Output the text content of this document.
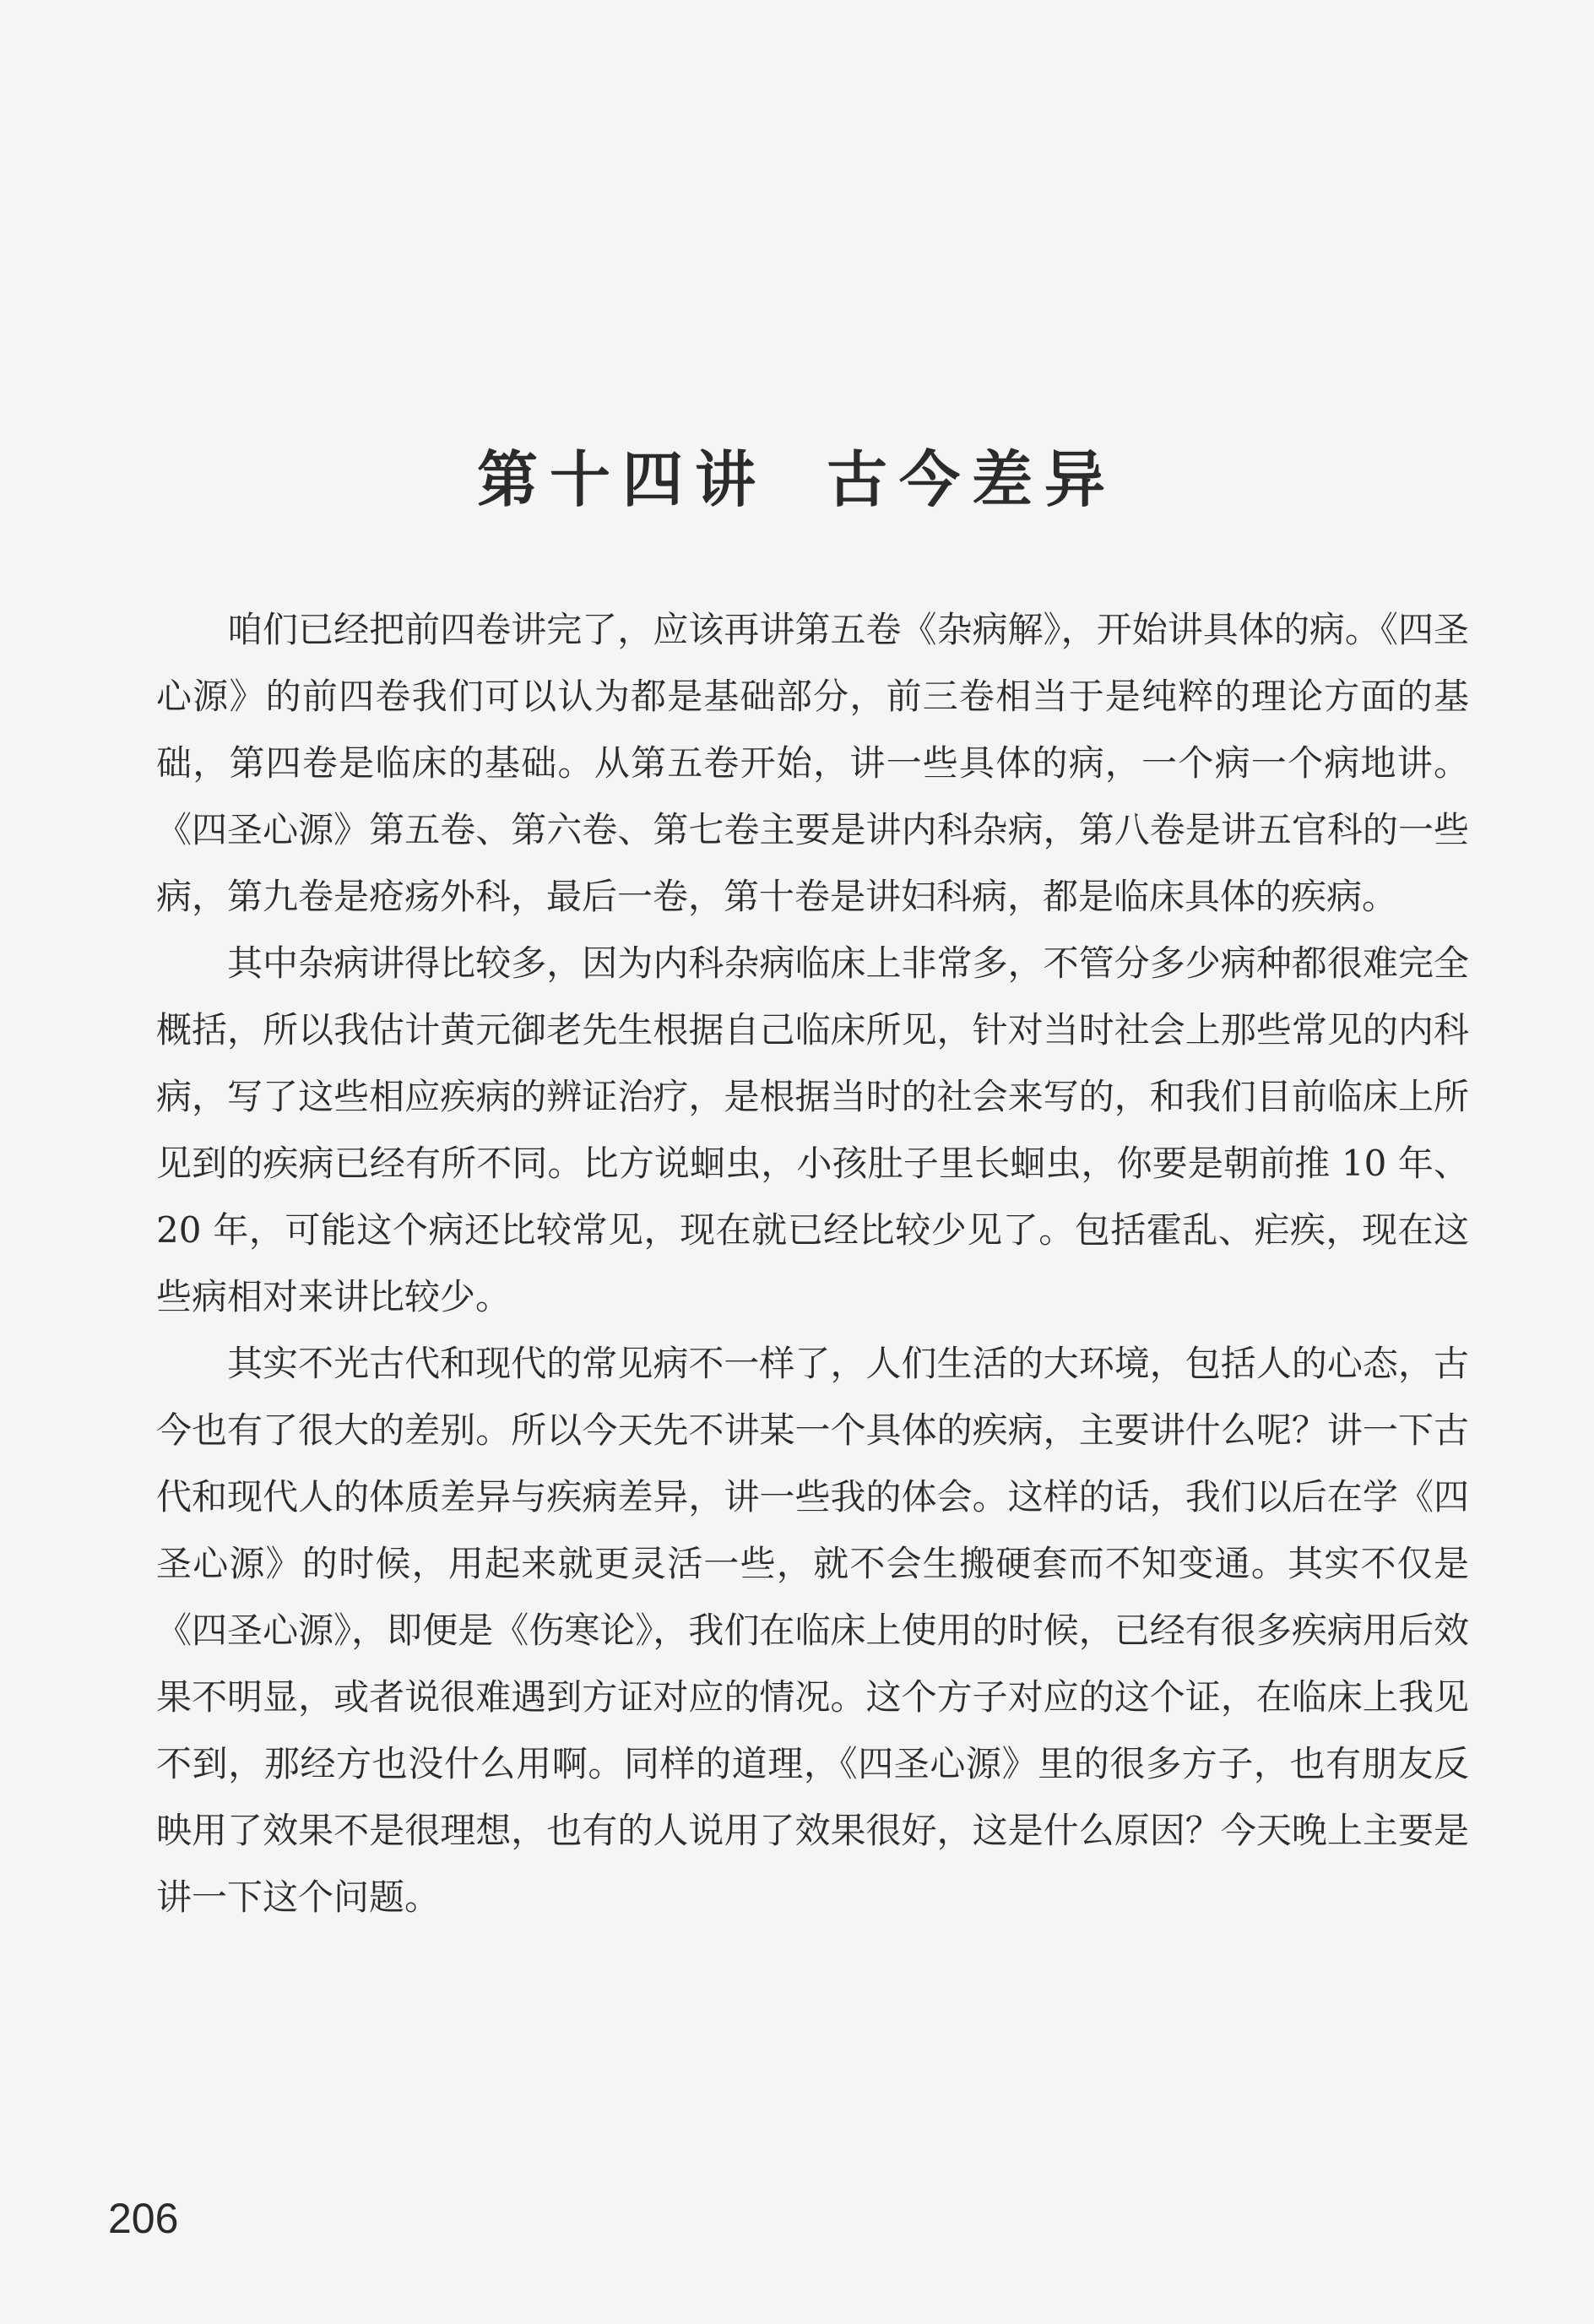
第十四讲 古今差异

咱们已经把前四卷讲完了，应该再讲第五卷《杂病解》，开始讲具体的病。《四圣心源》的前四卷我们可以认为都是基础部分，前三卷相当于是纯粹的理论方面的基础，第四卷是临床的基础。从第五卷开始，讲一些具体的病，一个病一个病地讲。《四圣心源》第五卷、第六卷、第七卷主要是讲内科杂病，第八卷是讲五官科的一些病，第九卷是疮疡外科，最后一卷，第十卷是讲妇科病，都是临床具体的疾病。

其中杂病讲得比较多，因为内科杂病临床上非常多，不管分多少病种都很难完全概括，所以我估计黄元御老先生根据自己临床所见，针对当时社会上那些常见的内科病，写了这些相应疾病的辨证治疗，是根据当时的社会来写的，和我们目前临床上所见到的疾病已经有所不同。比方说蛔虫，小孩肚子里长蛔虫，你要是朝前推 10 年、20 年，可能这个病还比较常见，现在就已经比较少见了。包括霍乱、疟疾，现在这些病相对来讲比较少。

其实不光古代和现代的常见病不一样了，人们生活的大环境，包括人的心态，古今也有了很大的差别。所以今天先不讲某一个具体的疾病，主要讲什么呢？讲一下古代和现代人的体质差异与疾病差异，讲一些我的体会。这样的话，我们以后在学《四圣心源》的时候，用起来就更灵活一些，就不会生搬硬套而不知变通。其实不仅是《四圣心源》，即便是《伤寒论》，我们在临床上使用的时候，已经有很多疾病用后效果不明显，或者说很难遇到方证对应的情况。这个方子对应的这个证，在临床上我见不到，那经方也没什么用啊。同样的道理，《四圣心源》里的很多方子，也有朋友反映用了效果不是很理想，也有的人说用了效果很好，这是什么原因？今天晚上主要是讲一下这个问题。

206
